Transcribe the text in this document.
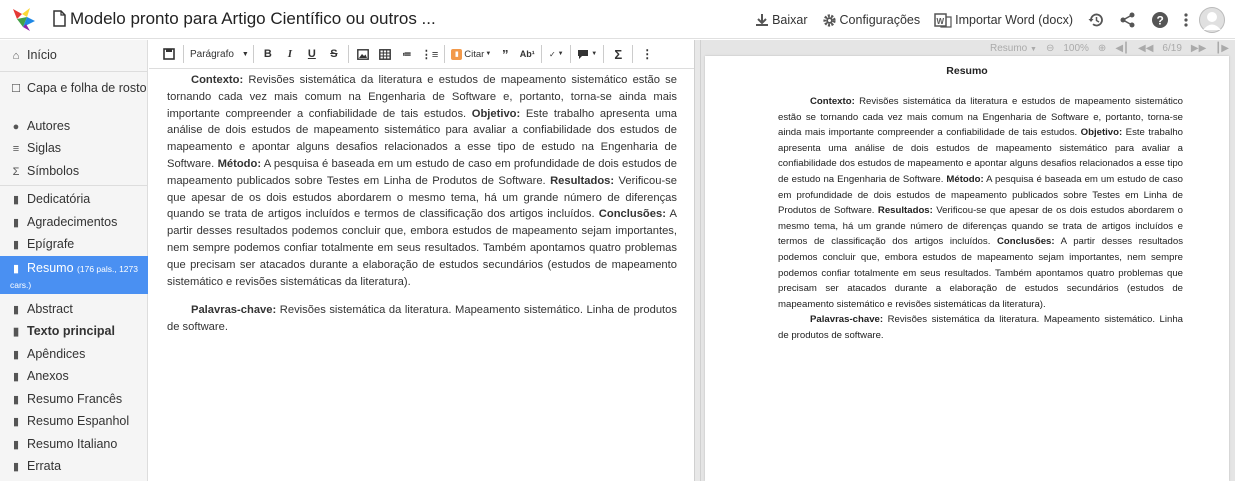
Modelo pronto para Artigo Científico ou outros ...	Baixar	Configurações W Importar Word (docx)	?
⌂ Início
☐ Capa e folha de rosto
● Autores
≡ Siglas
Σ Símbolos
▮ Dedicatória
▮ Agradecimentos
▮ Epígrafe
▮ Resumo (176 pals., 1273 cars.)
▮ Abstract
▮ Texto principal
▮ Apêndices
▮ Anexos
▮ Resumo Francês
▮ Resumo Espanhol
▮ Resumo Italiano
▮ Errata
Parágrafo ▼	B	I	U	S	≔ ⋮≡	▮ Citar ▼ ”	Ab¹ ✓ ▼	▼	Σ	⋮

Contexto: Revisões sistemática da literatura e estudos de mapeamento sistemático estão se tornando cada vez mais comum na Engenharia de Software e, portanto, torna-se ainda mais importante compreender a confiabilidade de tais estudos. Objetivo: Este trabalho apresenta uma análise de dois estudos de mapeamento sistemático para avaliar a confiabilidade dos estudos de mapeamento e apontar alguns desafios relacionados a esse tipo de estudo na Engenharia de Software. Método: A pesquisa é baseada em um estudo de caso em profundidade de dois estudos de mapeamento publicados sobre Testes em Linha de Produtos de Software. Resultados: Verificou-se que apesar de os dois estudos abordarem o mesmo tema, há um grande número de diferenças quando se trata de artigos incluídos e termos de classificação dos artigos incluídos. Conclusões: A partir desses resultados podemos concluir que, embora estudos de mapeamento sejam importantes, nem sempre podemos confiar totalmente em seus resultados. Também apontamos quatro problemas que precisam ser atacados durante a elaboração de estudos secundários (estudos de mapeamento sistemático e revisões sistemáticas da literatura).

Palavras-chave: Revisões sistemática da literatura. Mapeamento sistemático. Linha de produtos de software.

Resumo ▼ ⊖ 100% ⊕ ◀┃ ◀◀ 6/19 ▶▶ ┃▶
Resumo

Contexto: Revisões sistemática da literatura e estudos de mapeamento sistemático estão se tornando cada vez mais comum na Engenharia de Software e, portanto, torna-se ainda mais importante compreender a confiabilidade de tais estudos. Objetivo: Este trabalho apresenta uma análise de dois estudos de mapeamento sistemático para avaliar a confiabilidade dos estudos de mapeamento e apontar alguns desafios relacionados a esse tipo de estudo na Engenharia de Software. Método: A pesquisa é baseada em um estudo de caso em profundidade de dois estudos de mapeamento publicados sobre Testes em Linha de Produtos de Software. Resultados: Verificou-se que apesar de os dois estudos abordarem o mesmo tema, há um grande número de diferenças quando se trata de artigos incluídos e termos de classificação dos artigos incluídos. Conclusões: A partir desses resultados podemos concluir que, embora estudos de mapeamento sejam importantes, nem sempre podemos confiar totalmente em seus resultados. Também apontamos quatro problemas que precisam ser atacados durante a elaboração de estudos secundários (estudos de mapeamento sistemático e revisões sistemáticas da literatura).

Palavras-chave: Revisões sistemática da literatura. Mapeamento sistemático. Linha de produtos de software.
